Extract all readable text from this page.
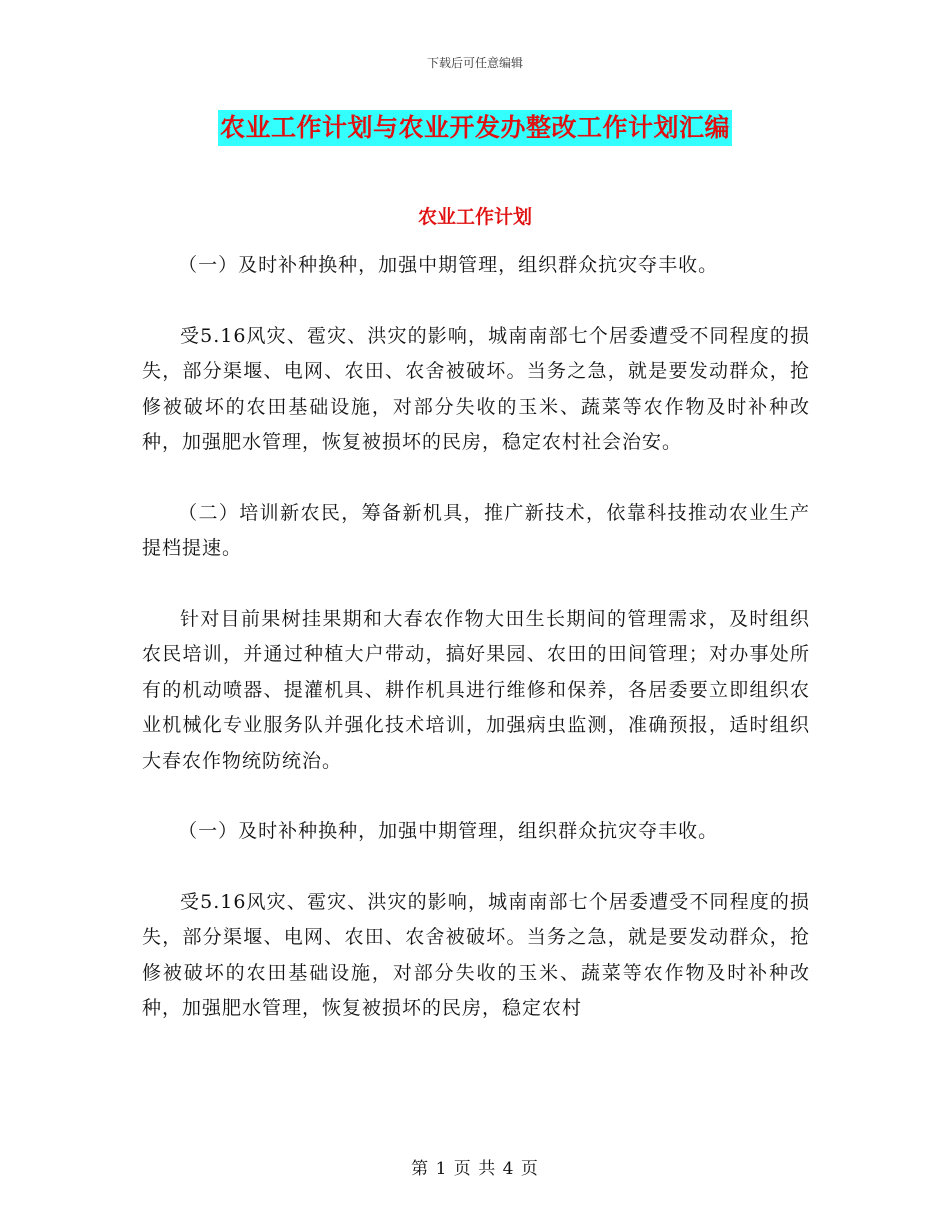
下载后可任意编辑
农业工作计划与农业开发办整改工作计划汇编
农业工作计划

（一）及时补种换种，加强中期管理，组织群众抗灾夺丰收。

受5.16风灾、雹灾、洪灾的影响，城南南部七个居委遭受不同程度的损失，部分渠堰、电网、农田、农舍被破坏。当务之急，就是要发动群众，抢修被破坏的农田基础设施，对部分失收的玉米、蔬菜等农作物及时补种改种，加强肥水管理，恢复被损坏的民房，稳定农村社会治安。

（二）培训新农民，筹备新机具，推广新技术，依靠科技推动农业生产提档提速。

针对目前果树挂果期和大春农作物大田生长期间的管理需求，及时组织农民培训，并通过种植大户带动，搞好果园、农田的田间管理；对办事处所有的机动喷器、提灌机具、耕作机具进行维修和保养，各居委要立即组织农业机械化专业服务队并强化技术培训，加强病虫监测，准确预报，适时组织大春农作物统防统治。

（一）及时补种换种，加强中期管理，组织群众抗灾夺丰收。

受5.16风灾、雹灾、洪灾的影响，城南南部七个居委遭受不同程度的损失，部分渠堰、电网、农田、农舍被破坏。当务之急，就是要发动群众，抢修被破坏的农田基础设施，对部分失收的玉米、蔬菜等农作物及时补种改种，加强肥水管理，恢复被损坏的民房，稳定农村

第 1 页 共 4 页
